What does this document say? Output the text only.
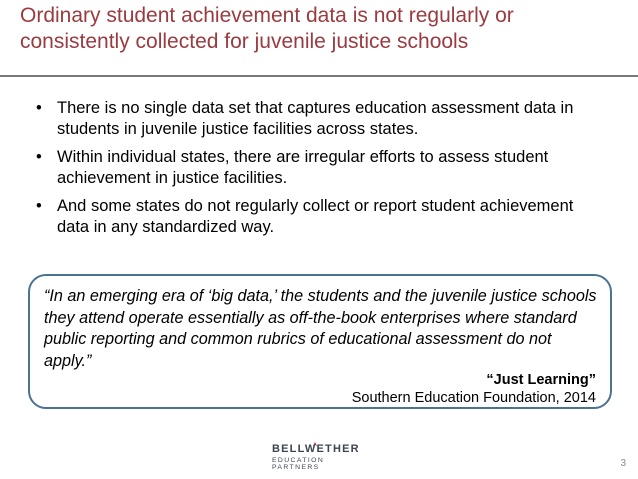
Ordinary student achievement data is not regularly or consistently collected for juvenile justice schools
• There is no single data set that captures education assessment data in students in juvenile justice facilities across states.
• Within individual states, there are irregular efforts to assess student achievement in justice facilities.
• And some states do not regularly collect or report student achievement data in any standardized way.
“In an emerging era of ‘big data,’ the students and the juvenile justice schools they attend operate essentially as off-the-book enterprises where standard public reporting and common rubrics of educational assessment do not apply.”
“Just Learning”
Southern Education Foundation, 2014
BELLWETHER
EDUCATION PARTNERS	3
